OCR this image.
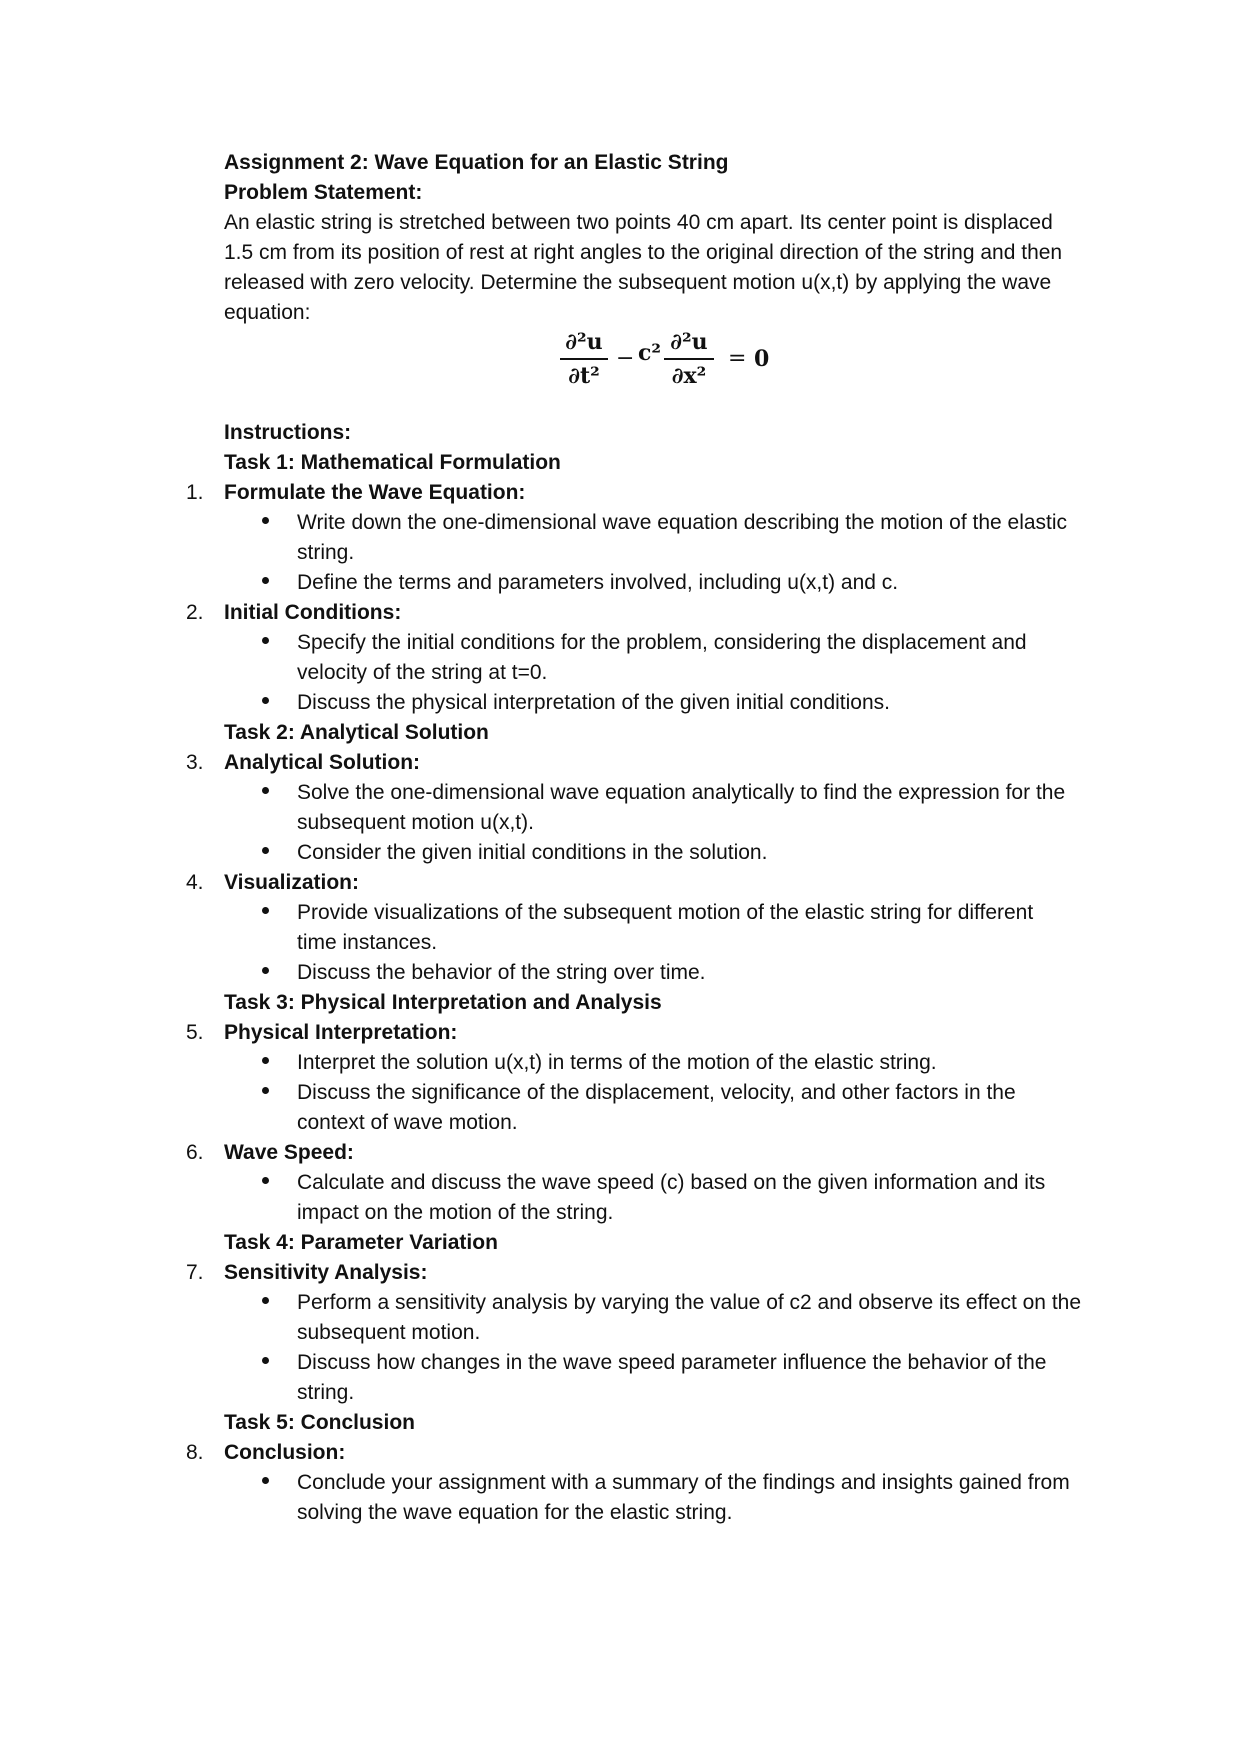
Assignment 2: Wave Equation for an Elastic String
Problem Statement:
An elastic string is stretched between two points 40 cm apart. Its center point is displaced
1.5 cm from its position of rest at right angles to the original direction of the string and then
released with zero velocity. Determine the subsequent motion u(x,t) by applying the wave
equation:
∂²u
∂t²
− c² ∂²u
∂x²
= 0
Instructions:
Task 1: Mathematical Formulation
1. Formulate the Wave Equation:
Write down the one-dimensional wave equation describing the motion of the elastic
string.
Define the terms and parameters involved, including u(x,t) and c.
2. Initial Conditions:
Specify the initial conditions for the problem, considering the displacement and
velocity of the string at t=0.
Discuss the physical interpretation of the given initial conditions.
Task 2: Analytical Solution
3. Analytical Solution:
Solve the one-dimensional wave equation analytically to find the expression for the
subsequent motion u(x,t).
Consider the given initial conditions in the solution.
4. Visualization:
Provide visualizations of the subsequent motion of the elastic string for different
time instances.
Discuss the behavior of the string over time.
Task 3: Physical Interpretation and Analysis
5. Physical Interpretation:
Interpret the solution u(x,t) in terms of the motion of the elastic string.
Discuss the significance of the displacement, velocity, and other factors in the
context of wave motion.
6. Wave Speed:
Calculate and discuss the wave speed (c) based on the given information and its
impact on the motion of the string.
Task 4: Parameter Variation
7. Sensitivity Analysis:
Perform a sensitivity analysis by varying the value of c2 and observe its effect on the
subsequent motion.
Discuss how changes in the wave speed parameter influence the behavior of the
string.
Task 5: Conclusion
8. Conclusion:
Conclude your assignment with a summary of the findings and insights gained from
solving the wave equation for the elastic string.
